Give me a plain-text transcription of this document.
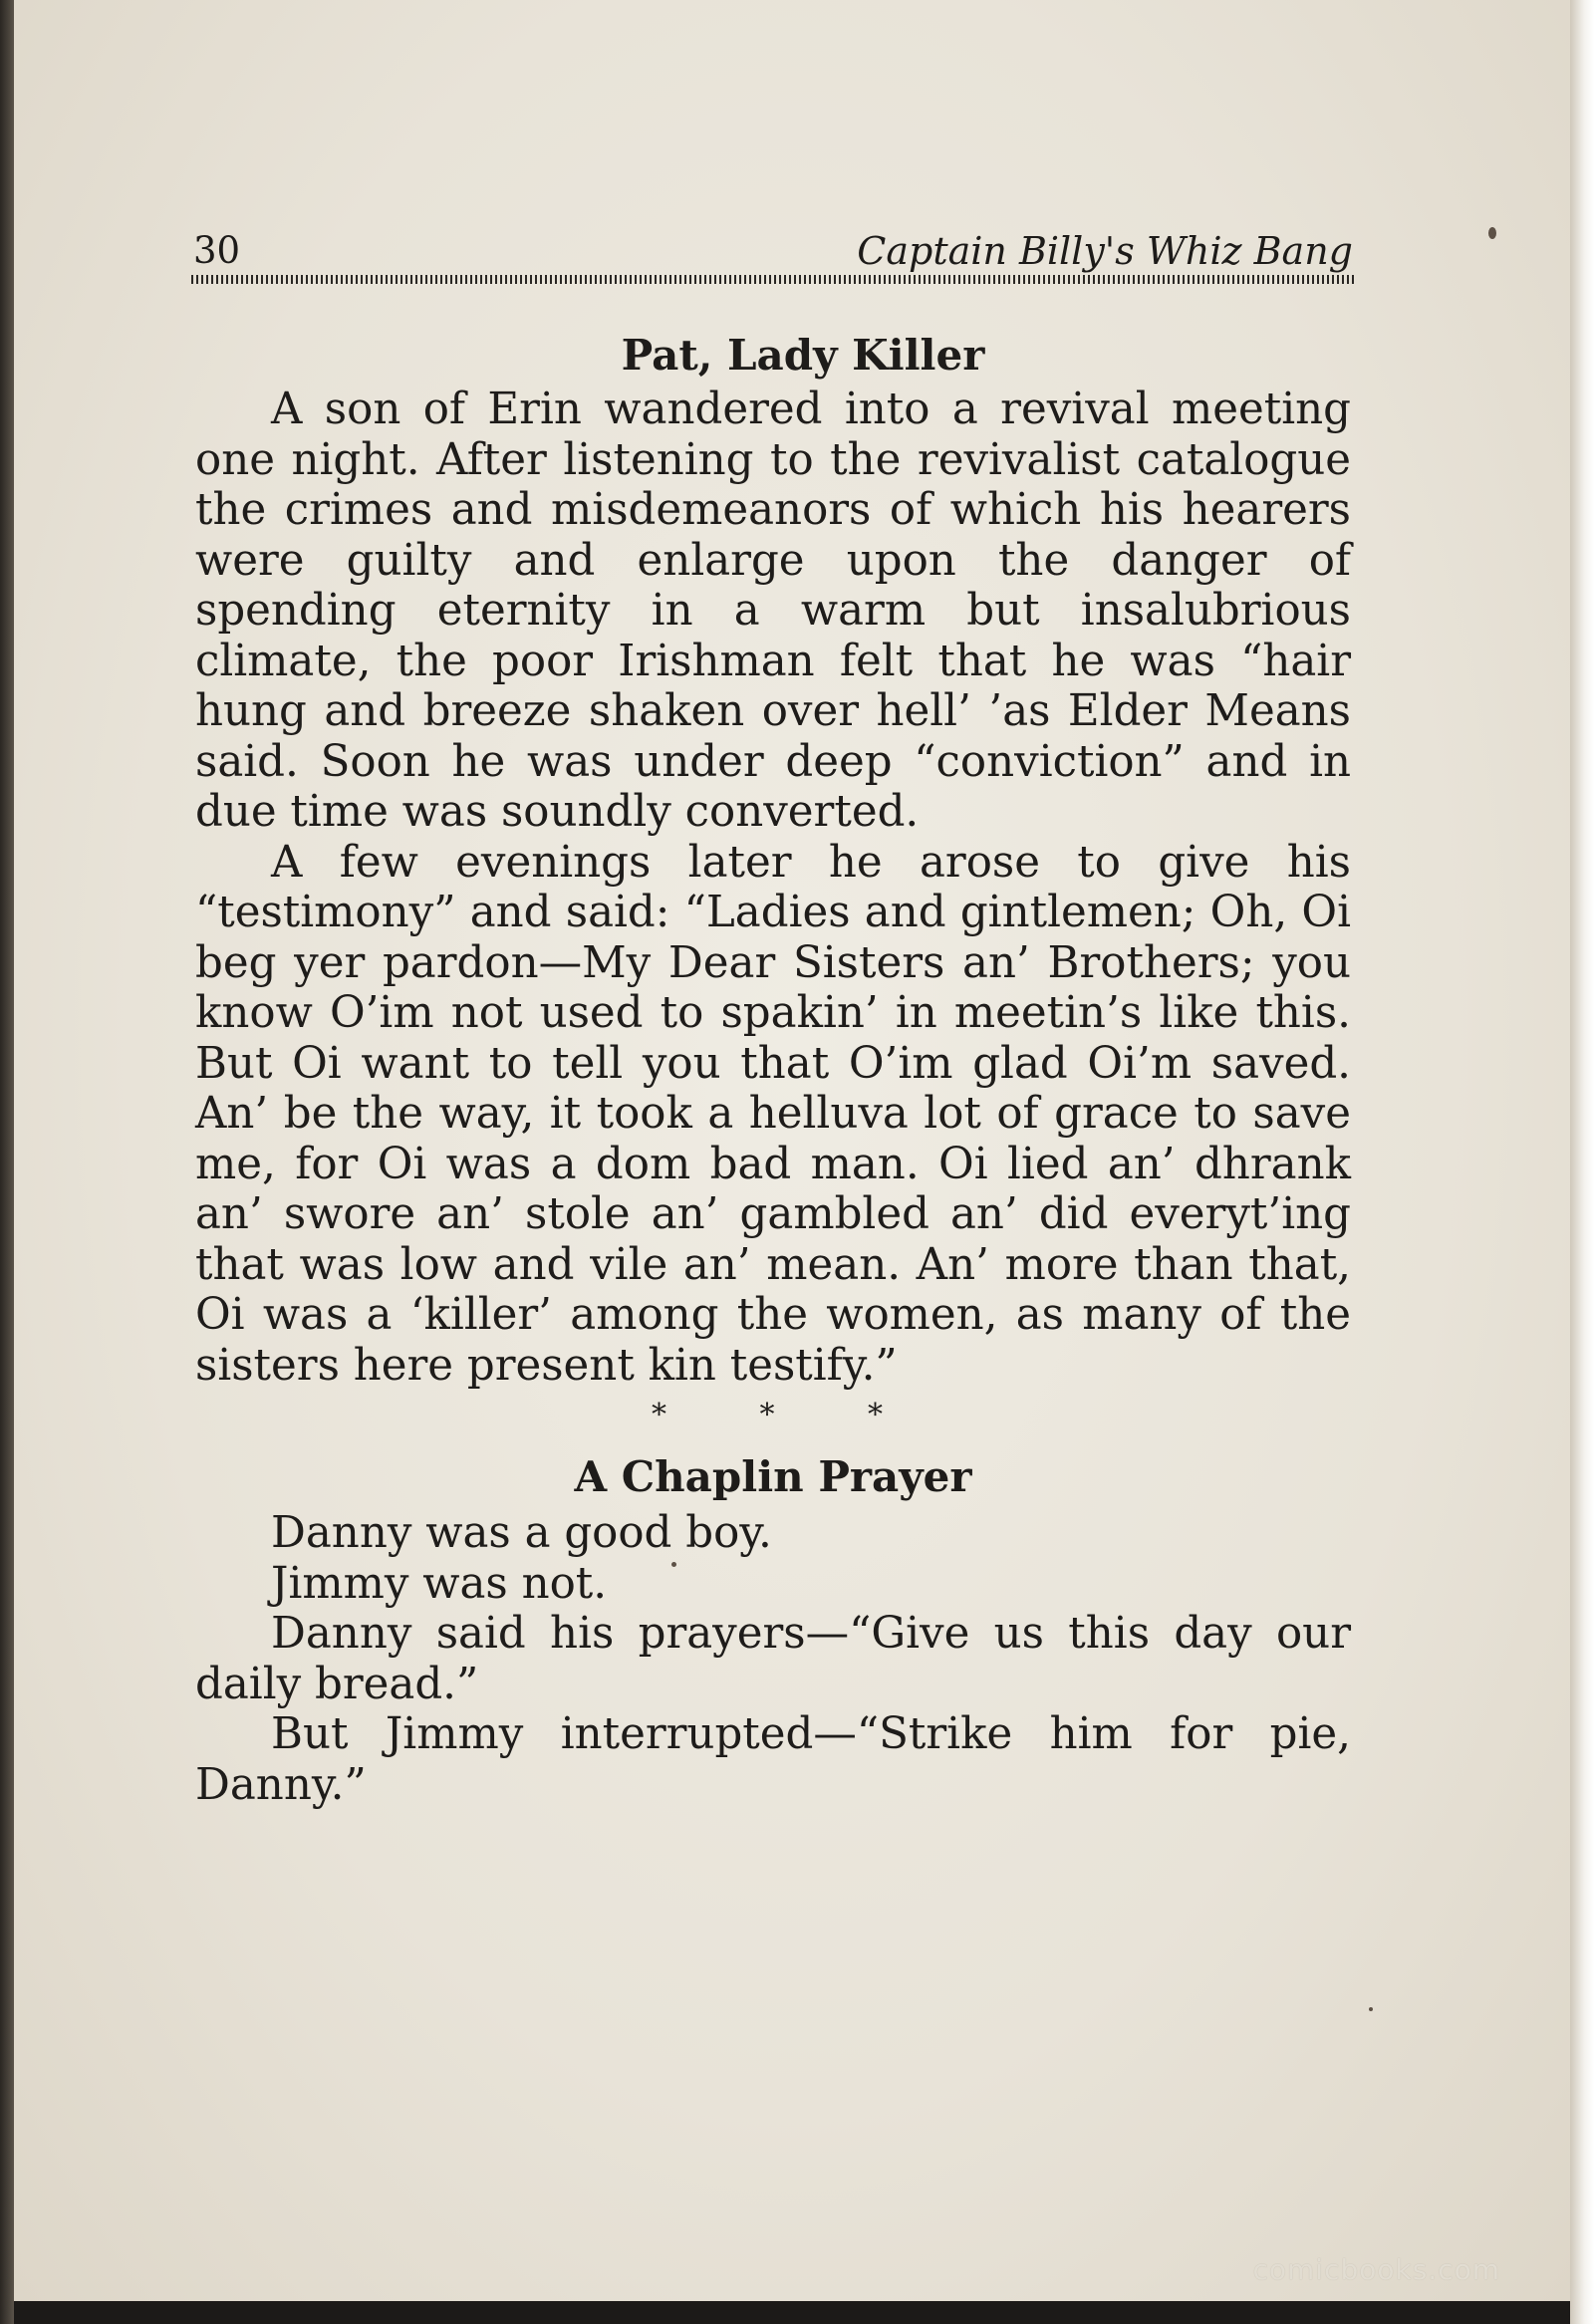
30	Captain Billy's Whiz Bang
Pat, Lady Killer

A son of Erin wandered into a revival meeting one night. After listening to the revivalist catalogue the crimes and misdemeanors of which his hearers were guilty and enlarge upon the danger of spending eternity in a warm but insalubrious climate, the poor Irishman felt that he was “hair hung and breeze shaken over hell’ ’as Elder Means said. Soon he was under deep “conviction” and in due time was soundly converted.

A few evenings later he arose to give his “testimony” and said: “Ladies and gintlemen; Oh, Oi beg yer pardon—My Dear Sisters an’ Brothers; you know O’im not used to spakin’ in meetin’s like this. But Oi want to tell you that O’im glad Oi’m saved. An’ be the way, it took a helluva lot of grace to save me, for Oi was a dom bad man. Oi lied an’ dhrank an’ swore an’ stole an’ gambled an’ did everyt’ing that was low and vile an’ mean. An’ more than that, Oi was a ‘killer’ among the women, as many of the sisters here present kin testify.”

* * *

A Chaplin Prayer

Danny was a good boy.

Jimmy was not.

Danny said his prayers—“Give us this day our daily bread.”

But Jimmy interrupted—“Strike him for pie, Danny.”

comicbooks.com
